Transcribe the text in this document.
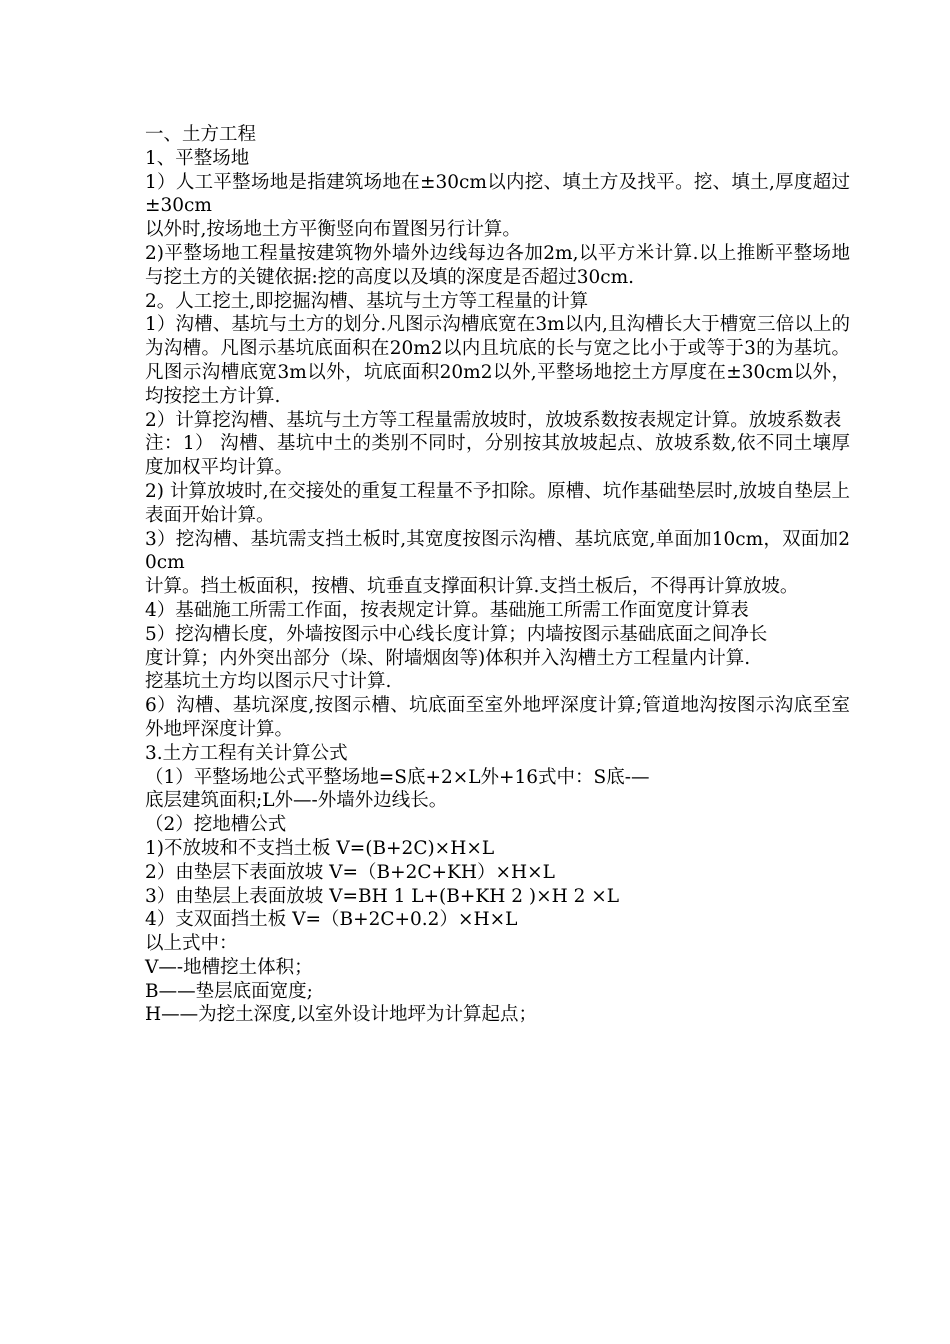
一、土方工程

1、平整场地

1）人工平整场地是指建筑场地在±30cm以内挖、填土方及找平。挖、填土,厚度超过±30cm

以外时,按场地土方平衡竖向布置图另行计算。

2)平整场地工程量按建筑物外墙外边线每边各加2m,以平方米计算.以上推断平整场地与挖土方的关键依据:挖的高度以及填的深度是否超过30cm.

2。人工挖土,即挖掘沟槽、基坑与土方等工程量的计算

1）沟槽、基坑与土方的划分.凡图示沟槽底宽在3m以内,且沟槽长大于槽宽三倍以上的为沟槽。凡图示基坑底面积在20m2以内且坑底的长与宽之比小于或等于3的为基坑。凡图示沟槽底宽3m以外，坑底面积20m2以外,平整场地挖土方厚度在±30cm以外，均按挖土方计算.

2）计算挖沟槽、基坑与土方等工程量需放坡时，放坡系数按表规定计算。放坡系数表

注：1） 沟槽、基坑中土的类别不同时，分别按其放坡起点、放坡系数,依不同土壤厚度加权平均计算。

2) 计算放坡时,在交接处的重复工程量不予扣除。原槽、坑作基础垫层时,放坡自垫层上表面开始计算。

3）挖沟槽、基坑需支挡土板时,其宽度按图示沟槽、基坑底宽,单面加10cm，双面加20cm

计算。挡土板面积，按槽、坑垂直支撑面积计算.支挡土板后，不得再计算放坡。

4）基础施工所需工作面，按表规定计算。基础施工所需工作面宽度计算表

5）挖沟槽长度，外墙按图示中心线长度计算；内墙按图示基础底面之间净长

度计算；内外突出部分（垛、附墙烟囱等)体积并入沟槽土方工程量内计算.

挖基坑土方均以图示尺寸计算.

6）沟槽、基坑深度,按图示槽、坑底面至室外地坪深度计算;管道地沟按图示沟底至室外地坪深度计算。

3.土方工程有关计算公式

（1）平整场地公式平整场地=S底+2×L外+16式中：S底-—

底层建筑面积;L外—-外墙外边线长。

（2）挖地槽公式

1)不放坡和不支挡土板 V=(B+2C)×H×L

2）由垫层下表面放坡 V=（B+2C+KH）×H×L

3）由垫层上表面放坡 V=BH 1 L+(B+KH 2 )×H 2 ×L

4）支双面挡土板 V=（B+2C+0.2）×H×L

以上式中：

V—-地槽挖土体积；

B——垫层底面宽度;

H——为挖土深度,以室外设计地坪为计算起点；
